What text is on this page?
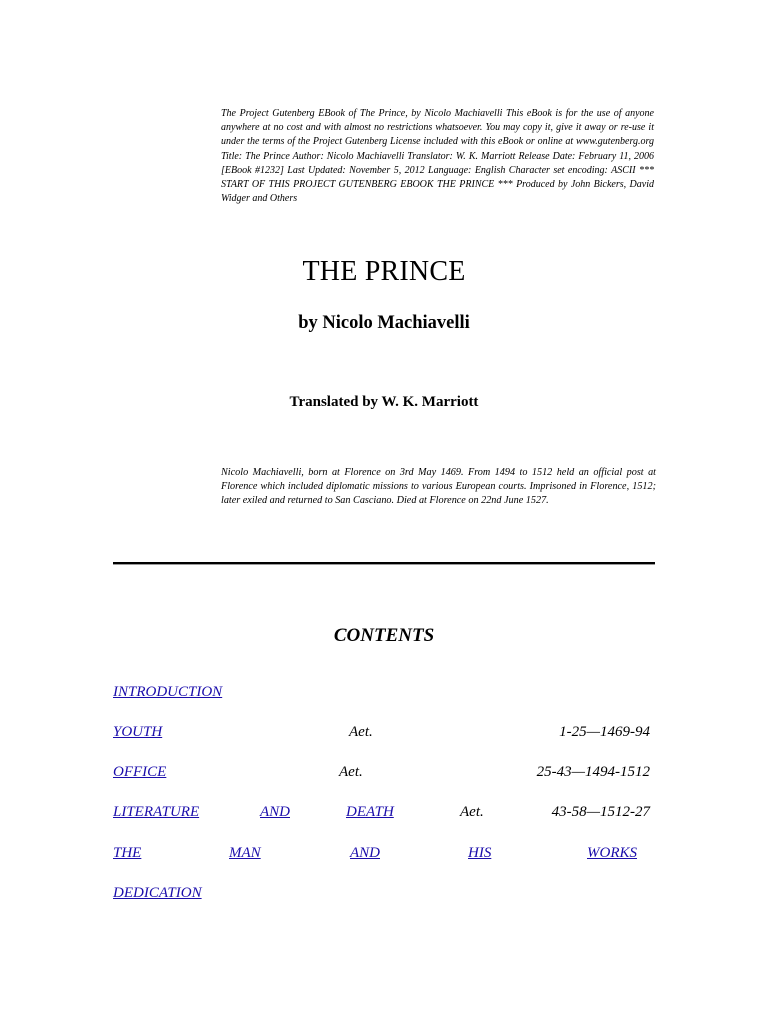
The Project Gutenberg EBook of The Prince, by Nicolo Machiavelli This eBook is for the use of anyone anywhere at no cost and with almost no restrictions whatsoever. You may copy it, give it away or re-use it under the terms of the Project Gutenberg License included with this eBook or online at www.gutenberg.org Title: The Prince Author: Nicolo Machiavelli Translator: W. K. Marriott Release Date: February 11, 2006 [EBook #1232] Last Updated: November 5, 2012 Language: English Character set encoding: ASCII *** START OF THIS PROJECT GUTENBERG EBOOK THE PRINCE *** Produced by John Bickers, David Widger and Others
THE PRINCE
by Nicolo Machiavelli
Translated by W. K. Marriott
Nicolo Machiavelli, born at Florence on 3rd May 1469. From 1494 to 1512 held an official post at Florence which included diplomatic missions to various European courts. Imprisoned in Florence, 1512; later exiled and returned to San Casciano. Died at Florence on 22nd June 1527.
CONTENTS
INTRODUCTION
YOUTH	Aet.	1-25—1469-94
OFFICE	Aet.	25-43—1494-1512
LITERATURE	AND	DEATH	Aet.	43-58—1512-27
THE	MAN	AND	HIS	WORKS
DEDICATION
